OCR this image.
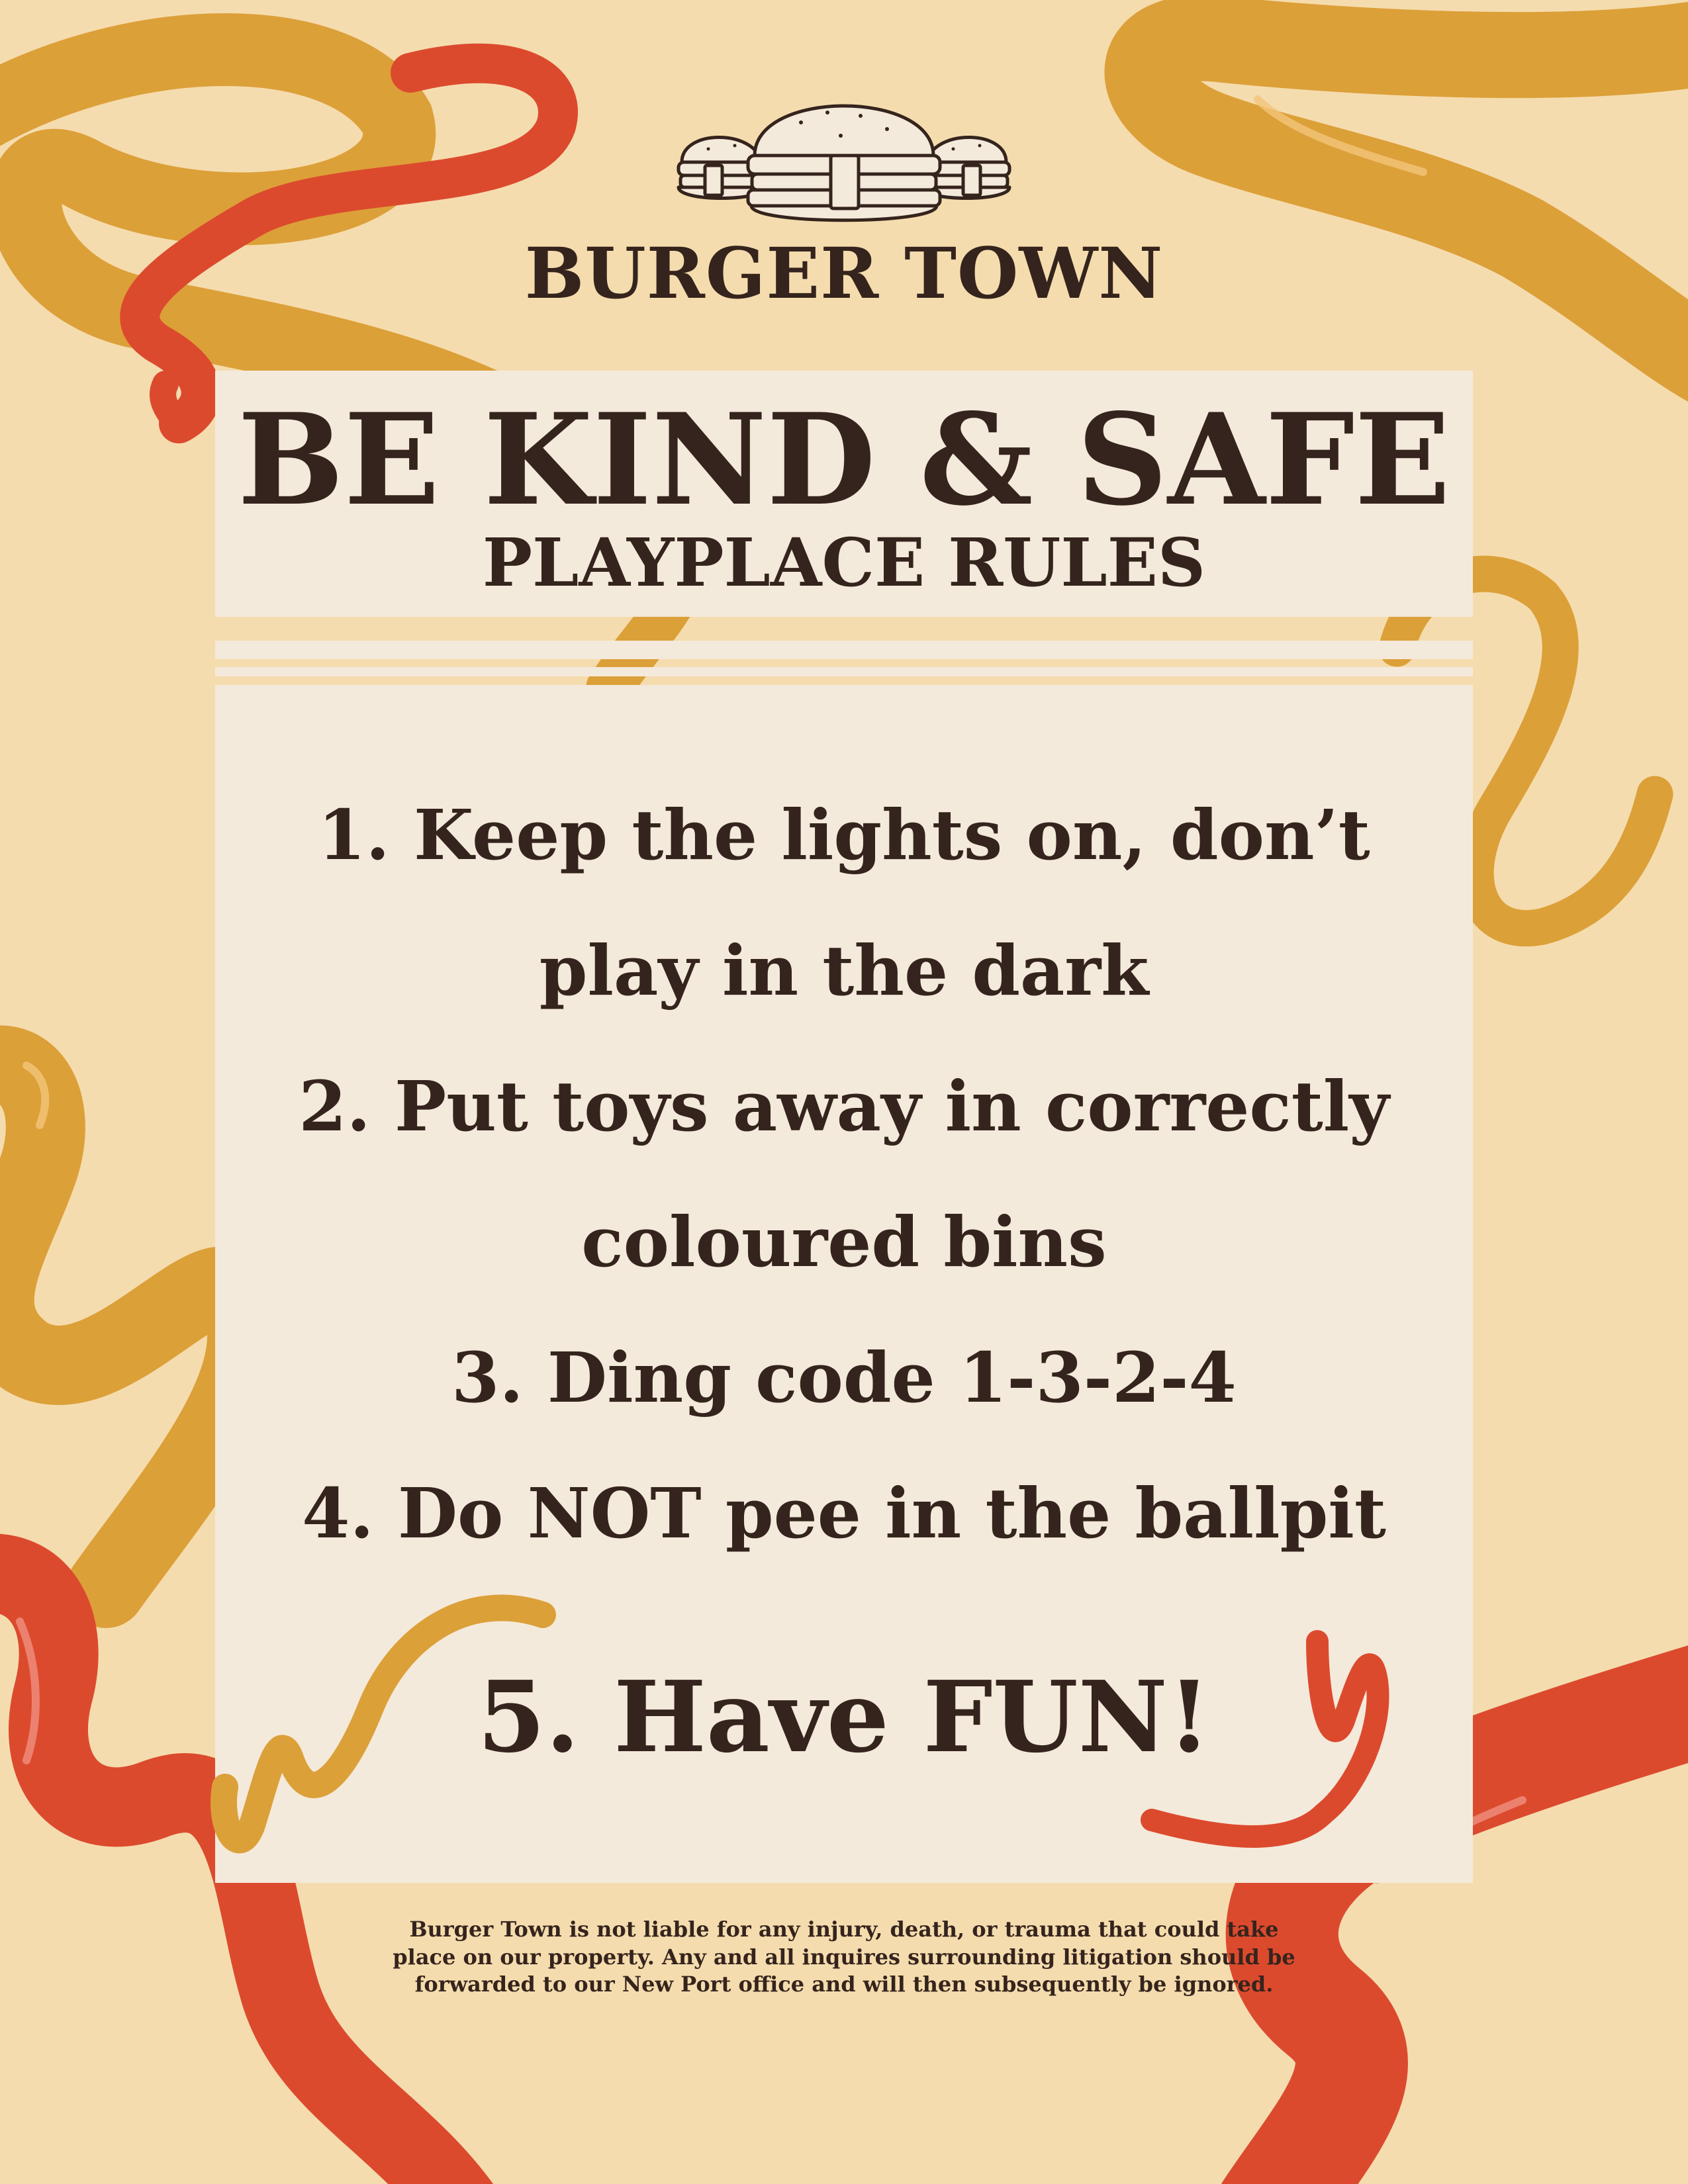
BURGER TOWN
BE KIND & SAFE
PLAYPLACE RULES
1. Keep the lights on, don’t
play in the dark
2. Put toys away in correctly
coloured bins
3. Ding code 1-3-2-4
4. Do NOT pee in the ballpit
5. Have FUN!
Burger Town is not liable for any injury, death, or trauma that could take
place on our property. Any and all inquires surrounding litigation should be
forwarded to our New Port office and will then subsequently be ignored.
